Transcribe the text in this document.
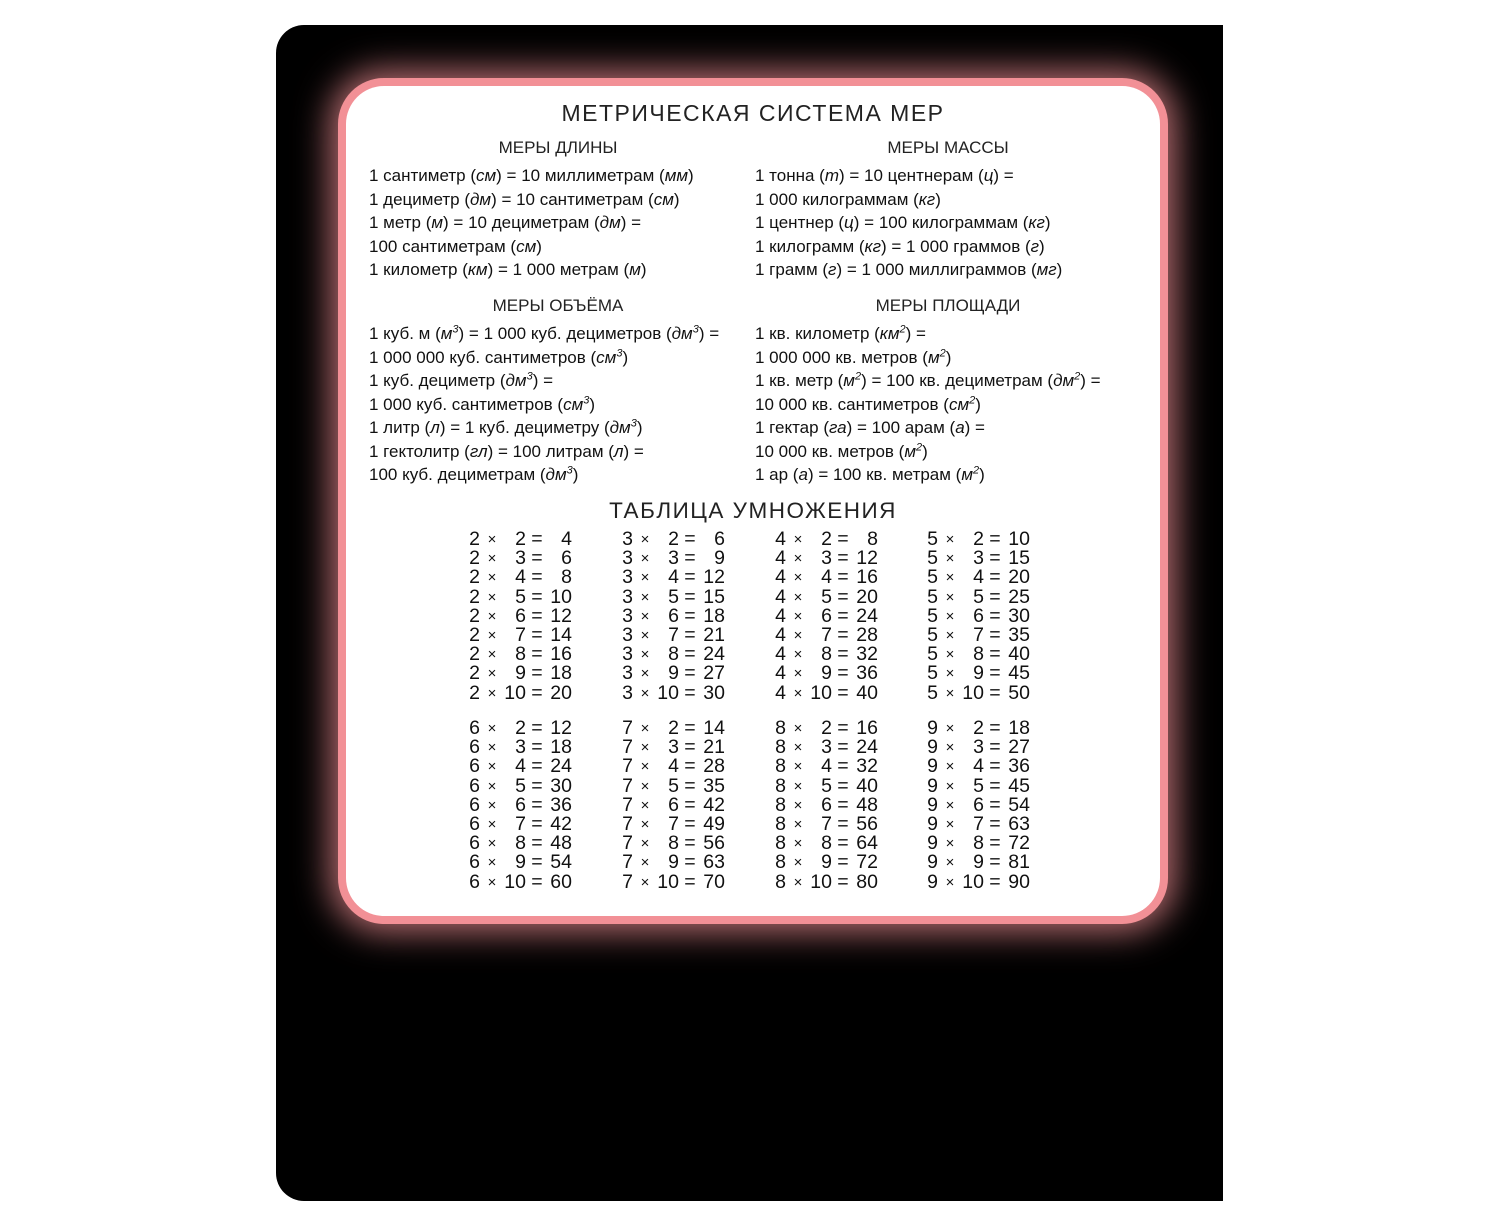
МЕТРИЧЕСКАЯ СИСТЕМА МЕР
МЕРЫ ДЛИНЫ	МЕРЫ МАССЫ
1 сантиметр (см) = 10 миллиметрам (мм)
1 дециметр (дм) = 10 сантиметрам (см)
1 метр (м) = 10 дециметрам (дм) =
100 сантиметрам (см)
1 километр (км) = 1 000 метрам (м)
1 тонна (т) = 10 центнерам (ц) =
1 000 килограммам (кг)
1 центнер (ц) = 100 килограммам (кг)
1 килограмм (кг) = 1 000 граммов (г)
1 грамм (г) = 1 000 миллиграммов (мг)
МЕРЫ ОБЪЁМА	МЕРЫ ПЛОЩАДИ
1 куб. м $(м^3) = 1$ 000 куб. дециметров $(дм^3)$ =
1 000 000 куб. сантиметров $(см^3)$
1 куб. дециметр $(дм^3)$ =
1 000 куб. сантиметров $(см^3)$
1 литр (л) = 1 куб. дециметру $(дм^3)$
1 гектолитр (гл) = 100 литрам (л) =
100 куб. дециметрам $(дм^3)$
1 кв. километр $(км^2)$ =
1 000 000 кв. метров $(м^2)$
1 кв. метр $(м^2) = 100$ кв. дециметрам $(дм^2)$ =
10 000 кв. сантиметров $(см^2)$
1 гектар (га) = 100 арам (а) =
10 000 кв. метров $(м^2)$
1 ар (а) = 100 кв. метрам $(м^2)$
ТАБЛИЦА УМНОЖЕНИЯ
2 × 2 = 4
2 × 3 = 6
2 × 4 = 8
2 × 5 = 10
2 × 6 = 12
2 × 7 = 14
2 × 8 = 16
2 × 9 = 18
2 × 10 = 20
3 × 2 = 6
3 × 3 = 9
3 × 4 = 12
3 × 5 = 15
3 × 6 = 18
3 × 7 = 21
3 × 8 = 24
3 × 9 = 27
3 × 10 = 30
4 × 2 = 8
4 × 3 = 12
4 × 4 = 16
4 × 5 = 20
4 × 6 = 24
4 × 7 = 28
4 × 8 = 32
4 × 9 = 36
4 × 10 = 40
5 × 2 = 10
5 × 3 = 15
5 × 4 = 20
5 × 5 = 25
5 × 6 = 30
5 × 7 = 35
5 × 8 = 40
5 × 9 = 45
5 × 10 = 50
6 × 2 = 12
6 × 3 = 18
6 × 4 = 24
6 × 5 = 30
6 × 6 = 36
6 × 7 = 42
6 × 8 = 48
6 × 9 = 54
6 × 10 = 60
7 × 2 = 14
7 × 3 = 21
7 × 4 = 28
7 × 5 = 35
7 × 6 = 42
7 × 7 = 49
7 × 8 = 56
7 × 9 = 63
7 × 10 = 70
8 × 2 = 16
8 × 3 = 24
8 × 4 = 32
8 × 5 = 40
8 × 6 = 48
8 × 7 = 56
8 × 8 = 64
8 × 9 = 72
8 × 10 = 80
9 × 2 = 18
9 × 3 = 27
9 × 4 = 36
9 × 5 = 45
9 × 6 = 54
9 × 7 = 63
9 × 8 = 72
9 × 9 = 81
9 × 10 = 90
